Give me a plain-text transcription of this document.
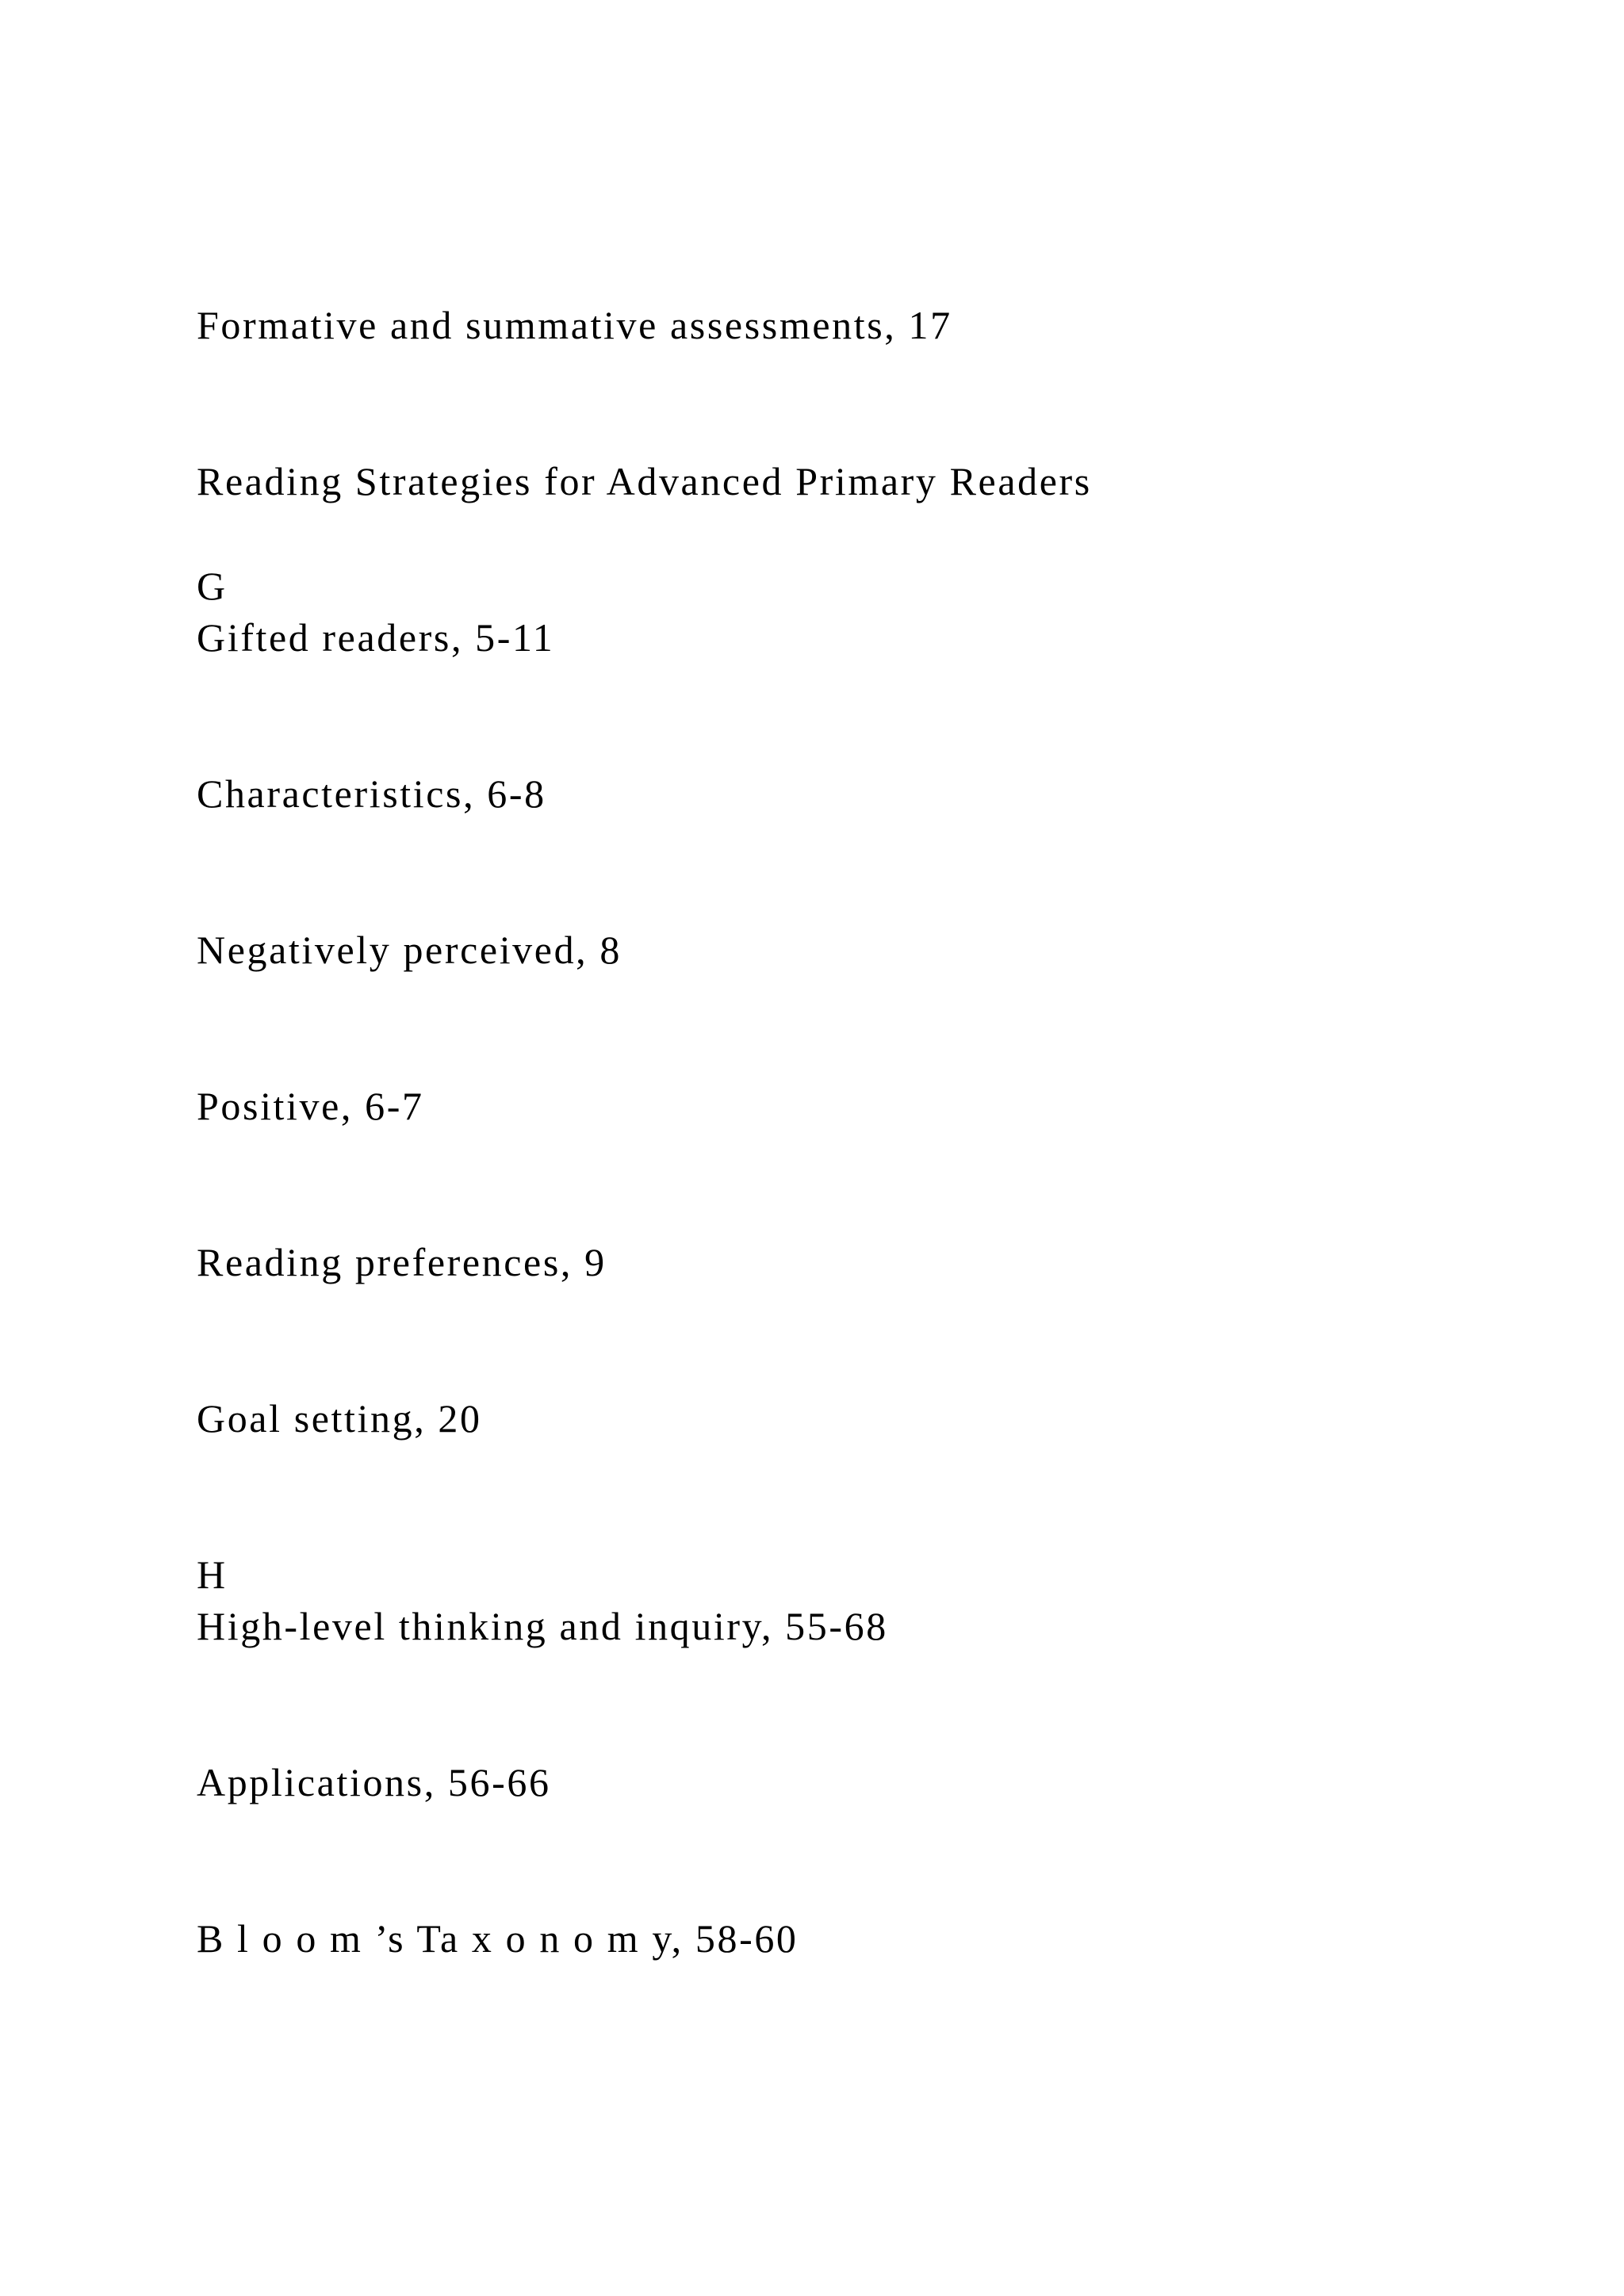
Formative and summative assessments, 17

Reading Strategies for Advanced Primary Readers

G

Gifted readers, 5-11

Characteristics, 6-8

Negatively perceived, 8

Positive, 6-7

Reading preferences, 9

Goal setting, 20

H

High-level thinking and inquiry, 55-68

Applications, 56-66

B l o o m ’s Ta x o n o m y, 58-60
